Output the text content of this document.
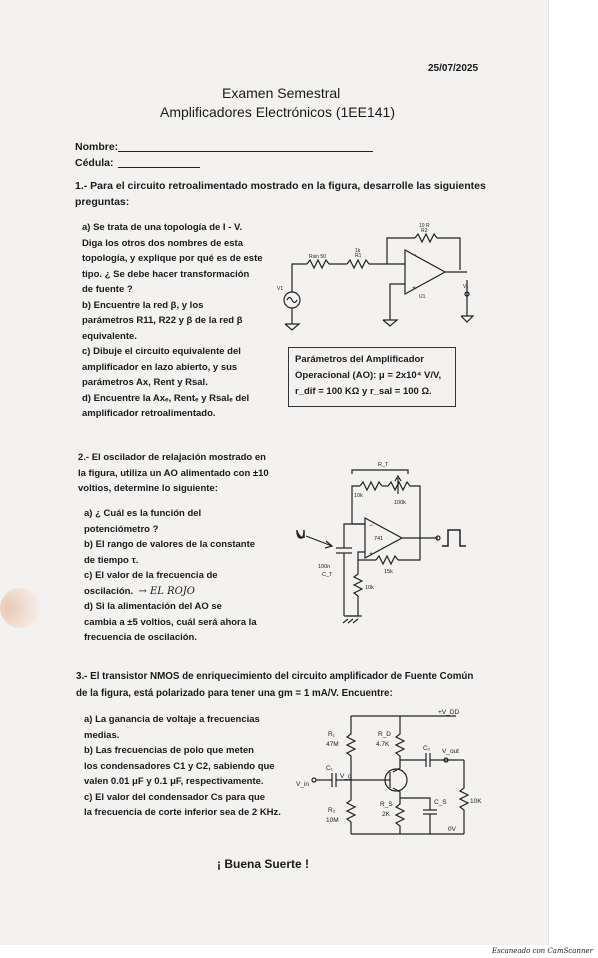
25/07/2025
Examen Semestral
Amplificadores Electrónicos (1EE141)
Nombre:
Cédula:
1.- Para el circuito retroalimentado mostrado en la figura, desarrolle las siguientes
preguntas:

a) Se trata de una topología de I - V.

Diga los otros dos nombres de esta

topología, y explique por qué es de este

tipo. ¿ Se debe hacer transformación

de fuente ?

b) Encuentre la red β, y los

parámetros R11, R22 y β de la red β

equivalente.

c) Dibuje el circuito equivalente del

amplificador en lazo abierto, y sus

parámetros Ax, Rent y Rsal.

d) Encuentre la Axₑ, Rentₑ y Rsalₑ del

amplificador retroalimentado.

Parámetros del Amplificador
Operacional (AO): μ = 2x10⁴ V/V,
r_dif = 100 KΩ y r_sal = 100 Ω.
10 R
R2
Rsin 50
1k
R1
V1
U1
V₀
−
+

2.- El oscilador de relajación mostrado en

la figura, utiliza un AO alimentado con ±10

voltios, determine lo siguiente:

a) ¿ Cuál es la función del

potenciómetro ?

b) El rango de valores de la constante

de tiempo τ.

c) El valor de la frecuencia de

oscilación. → EL ROJO

d) Si la alimentación del AO se

cambia a ±5 voltios, cuál será ahora la

frecuencia de oscilación.

R_T
10k
100k
741
15k
100n
C_T
10k
−
+
3.- El transistor NMOS de enriquecimiento del circuito amplificador de Fuente Común
de la figura, está polarizado para tener una gm = 1 mA/V. Encuentre:

a) La ganancia de voltaje a frecuencias

medias.

b) Las frecuencias de polo que meten

los condensadores C1 y C2, sabiendo que

valen 0.01 μF y 0.1 μF, respectivamente.

c) El valor del condensador Cs para que

la frecuencia de corte inferior sea de 2 KHz.

+V_DD
R₁
47M
R_D
4.7K
C₂ V_out
C₁
V_g
V_in
R₂
10M
R_S
2K
C_S	10K
0V
¡ Buena Suerte !
Escaneado con CamScanner
